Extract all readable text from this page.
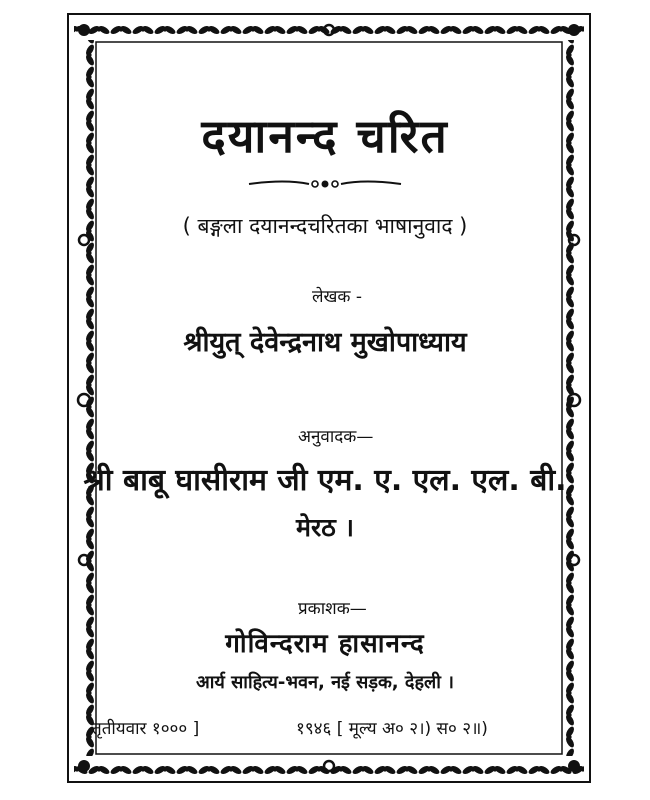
दयानन्द चरित
( बङ्गला दयानन्दचरितका भाषानुवाद )
लेखक -
श्रीयुत् देवेन्द्रनाथ मुखोपाध्याय
अनुवादक—
श्री बाबू घासीराम जी एम. ए. एल. एल. बी.
मेरठ ।
प्रकाशक—
गोविन्दराम हासानन्द
आर्य साहित्य-भवन, नई सड़क, देहली ।
तृतीयवार १००० ]	१९४६ [ मूल्य अ० २।) स० २॥)
